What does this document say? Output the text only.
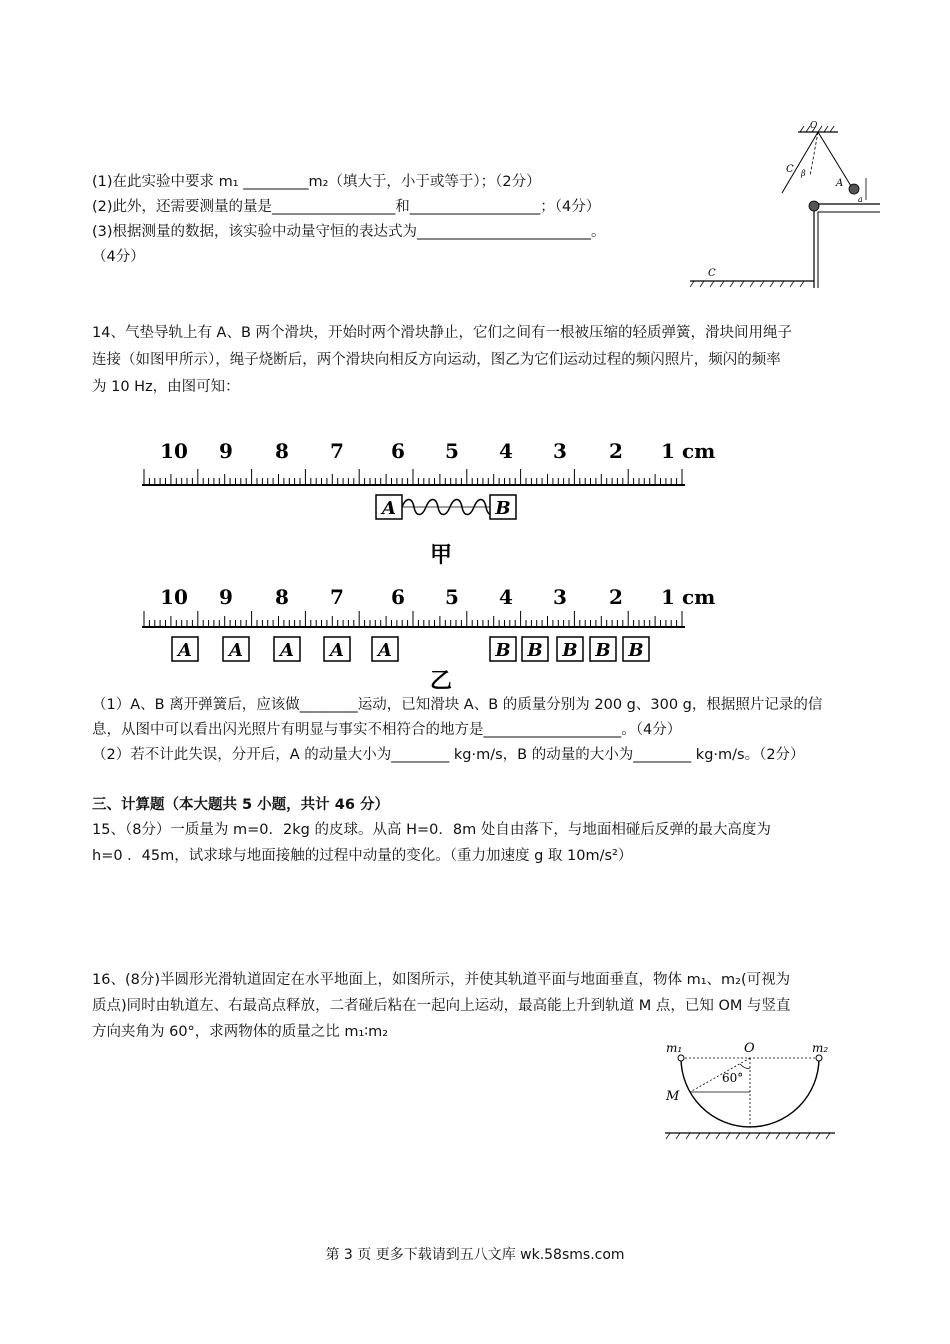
(1)在此实验中要求 m₁ _________m₂（填大于，小于或等于）；（2分）
(2)此外，还需要测量的量是_________________和__________________；（4分）
(3)根据测量的数据，该实验中动量守恒的表达式为________________________。
（4分）
O
C β
A
a
C
14、气垫导轨上有 A、B 两个滑块，开始时两个滑块静止，它们之间有一根被压缩的轻质弹簧，滑块间用绳子
连接（如图甲所示），绳子烧断后，两个滑块向相反方向运动，图乙为它们运动过程的频闪照片，频闪的频率
为 10 Hz，由图可知：
10 9 8 7 6 5 4 3 2 1 cm
A	B
甲
10 9 8 7 6 5 4 3 2 1 cm
A A A A A	B B B B B
乙
（1）A、B 离开弹簧后，应该做________运动，已知滑块 A、B 的质量分别为 200 g、300 g，根据照片记录的信
息，从图中可以看出闪光照片有明显与事实不相符合的地方是___________________。（4分）
（2）若不计此失误，分开后，A 的动量大小为________ kg·m/s，B 的动量的大小为________ kg·m/s。（2分）
三、计算题（本大题共 5 小题，共计 46 分）
15、（8分）一质量为 m=0．2kg 的皮球。从高 H=0．8m 处自由落下，与地面相碰后反弹的最大高度为
h=0 ．45m，试求球与地面接触的过程中动量的变化。（重力加速度 g 取 10m/s²）
16、(8分)半圆形光滑轨道固定在水平地面上，如图所示，并使其轨道平面与地面垂直，物体 m₁、m₂(可视为
质点)同时由轨道左、右最高点释放，二者碰后粘在一起向上运动，最高能上升到轨道 M 点，已知 OM 与竖直
方向夹角为 60°，求两物体的质量之比 m₁∶m₂
m₁	O	m₂
60°
M
第 3 页 更多下载请到五八文库 wk.58sms.com
